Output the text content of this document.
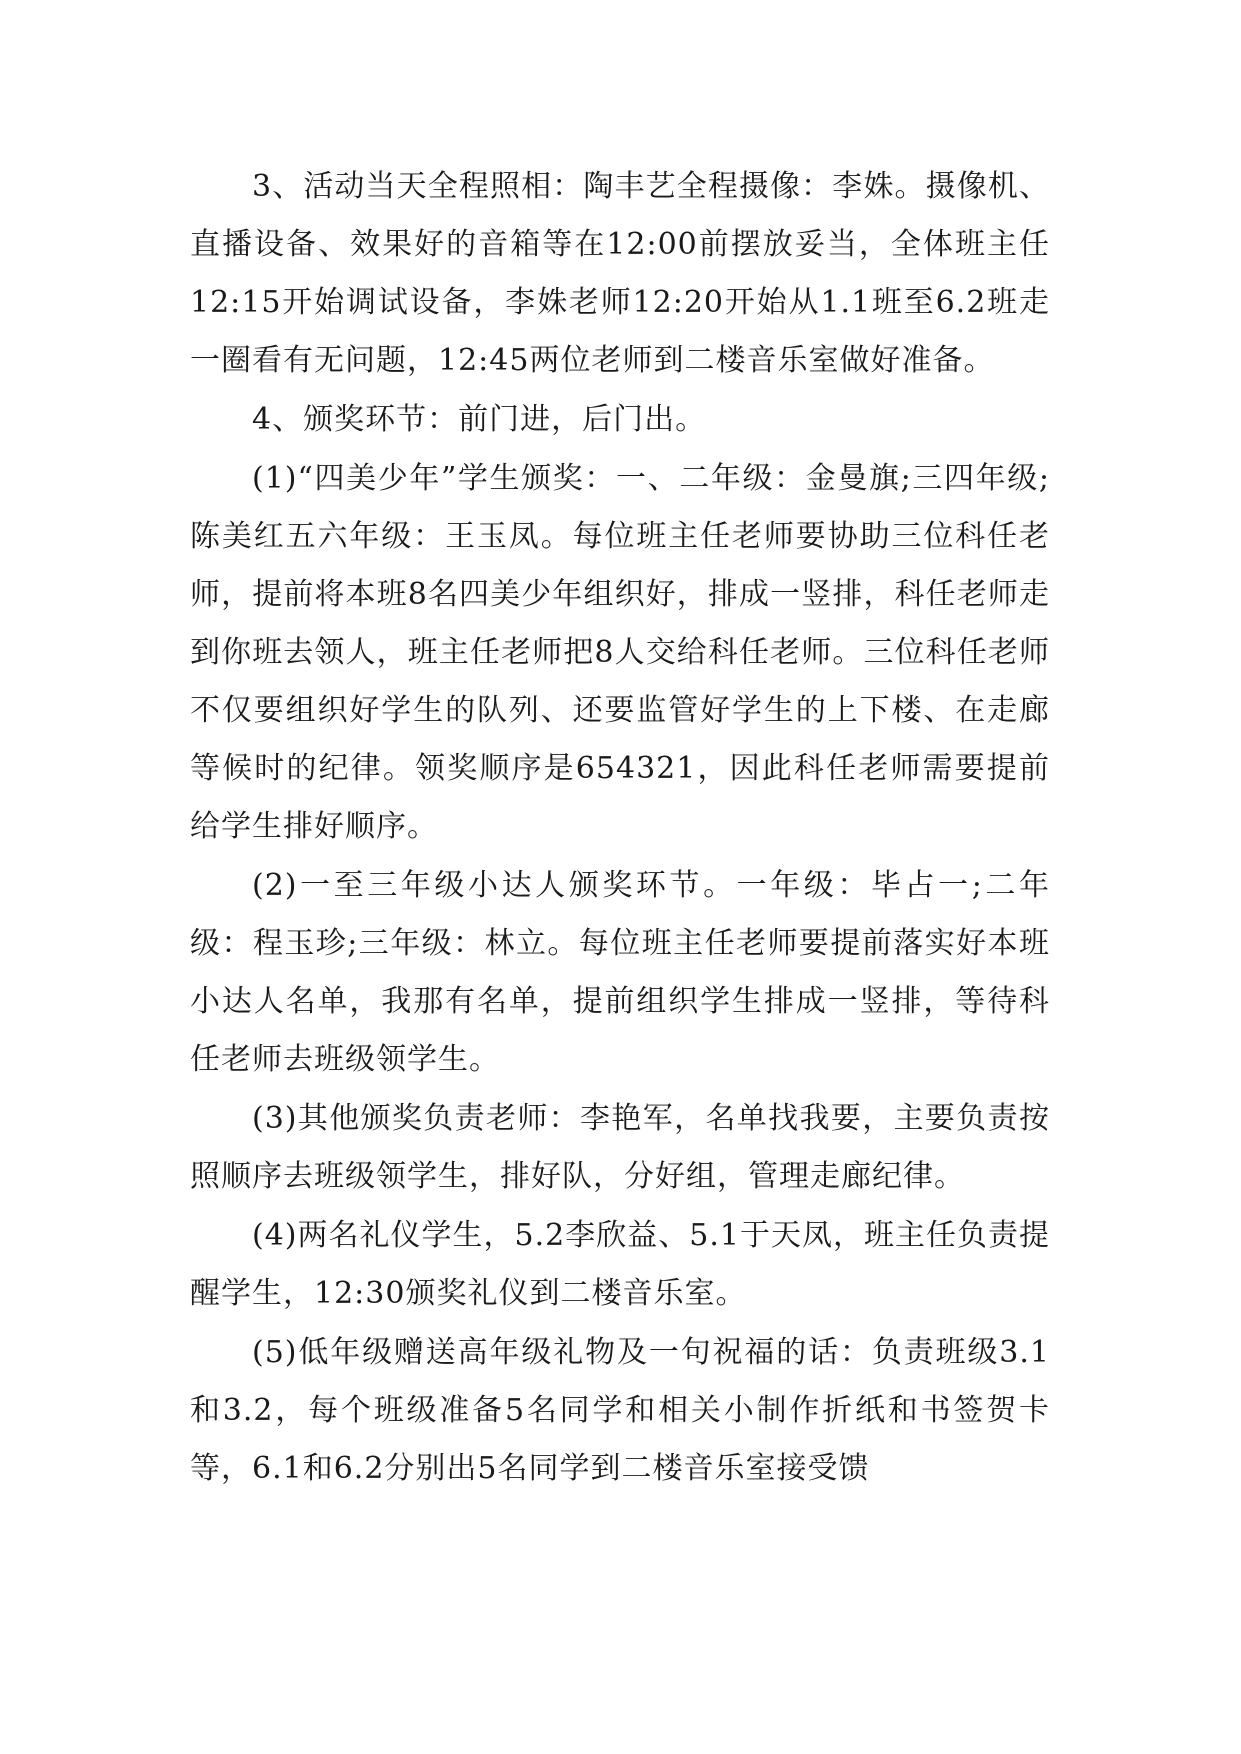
3、活动当天全程照相：陶丰艺全程摄像：李姝。摄像机、直播设备、效果好的音箱等在12:00前摆放妥当，全体班主任12:15开始调试设备，李姝老师12:20开始从1.1班至6.2班走一圈看有无问题，12:45两位老师到二楼音乐室做好准备。

4、颁奖环节：前门进，后门出。

(1)“四美少年”学生颁奖：一、二年级：金曼旗;三四年级;陈美红五六年级：王玉凤。每位班主任老师要协助三位科任老师，提前将本班8名四美少年组织好，排成一竖排，科任老师走到你班去领人，班主任老师把8人交给科任老师。三位科任老师不仅要组织好学生的队列、还要监管好学生的上下楼、在走廊等候时的纪律。领奖顺序是654321，因此科任老师需要提前给学生排好顺序。

(2)一至三年级小达人颁奖环节。一年级：毕占一;二年级：程玉珍;三年级：林立。每位班主任老师要提前落实好本班小达人名单，我那有名单，提前组织学生排成一竖排，等待科任老师去班级领学生。

(3)其他颁奖负责老师：李艳军，名单找我要，主要负责按照顺序去班级领学生，排好队，分好组，管理走廊纪律。

(4)两名礼仪学生，5.2李欣益、5.1于天凤，班主任负责提醒学生，12:30颁奖礼仪到二楼音乐室。

(5)低年级赠送高年级礼物及一句祝福的话：负责班级3.1和3.2，每个班级准备5名同学和相关小制作折纸和书签贺卡等，6.1和6.2分别出5名同学到二楼音乐室接受馈
